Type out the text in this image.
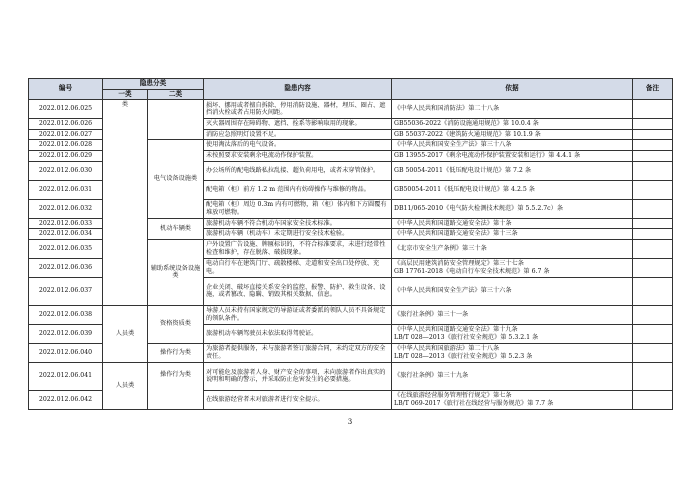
编号	隐患分类		隐患内容	依据	备注
	一类	二类			
2022.012.06.025	类		损坏、挪用或者擅自拆除、停用消防设施、器材，埋压、圈占、遮挡消火栓或者占用防火间距。	《中华人民共和国消防法》第二十八条	
2022.012.06.026			灭火器周围存在障碍物、遮挡、拴系等影响取用的现象。	GB55036-2022《消防设施通用规范》第 10.0.4 条	
2022.012.06.027			消防应急照明灯设置不足。	GB 55037-2022《建筑防火通用规范》第 10.1.9 条	
2022.012.06.028		电气设备设施类	使用淘汰落后的电气设备。	《中华人民共和国安全生产法》第三十八条	
2022.012.06.029			未按照要求安装剩余电流动作保护装置。	GB 13955-2017《剩余电流动作保护装置安装和运行》第 4.4.1 条	
2022.012.06.030			办公场所的配电线路私拉乱接、超负荷用电，或者未穿管保护。	GB 50054-2011《低压配电设计规范》第 7.2 条	
2022.012.06.031			配电箱（柜）前方 1.2 m 范围内有妨碍操作与维修的物品。	GB50054-2011《低压配电设计规范》第 4.2.5 条	
2022.012.06.032			配电箱（柜）周边 0.3m 内有可燃物，箱（柜）体内和下方圆覆有堆放可燃物。	DB11/065-2010《电气防火检测技术规范》第 5.5.2.7c）条	
2022.012.06.033		机动车辆类	旅游机动车辆不符合机动车国家安全技术标准。	《中华人民共和国道路交通安全法》第十条	
2022.012.06.034			旅游机动车辆（机动车）未定期进行安全技术检验。	《中华人民共和国道路交通安全法》第十三条	
2022.012.06.035		辅助系统设备设施类	户外设置广告设施、牌匾标识的，不符合标准要求，未进行经常性检查和维护，存在脱落、破损现象。	《北京市安全生产条例》第三十条	
2022.012.06.036			电动自行车在建筑门厅、疏散楼梯、走道和安全出口处停放、充电。	《高层民用建筑消防安全管理规定》第三十七条
GB 17761-2018《电动自行车安全技术规范》第 6.7 条	
2022.012.06.037			企业关闭、破坏直接关系安全的监控、报警、防护、救生设备、设施，或者篡改、隐瞒、销毁其相关数据、信息。	《中华人民共和国安全生产法》第三十六条	
2022.012.06.038	人员类	资格资质类	导游人员未持有国家规定的导游证或者委派的领队人员不具备规定的领队条件。	《旅行社条例》第三十一条	
2022.012.06.039			旅游机动车辆驾驶员未依法取得驾驶证。	《中华人民共和国道路交通安全法》第十九条
LB/T 028—2013《旅行社安全规范》第 5.3.2.1 条	
2022.012.06.040		操作行为类	为旅游者提供服务，未与旅游者签订旅游合同，未约定双方的安全责任。	《中华人民共和国旅游法》第二十八条
LB/T 028—2013《旅行社安全规范》第 5.2.3 条	
2022.012.06.041	人员类	操作行为类	对可能危及旅游者人身、财产安全的事项，未向旅游者作出真实的说明和明确的警示，并采取防止危害发生的必要措施。	《旅行社条例》第三十九条	
2022.012.06.042			在线旅游经营者未对旅游者进行安全提示。	《在线旅游经营服务管理暂行规定》第七条
LB/T 069-2017《旅行社在线经营与服务规范》第 7.7 条	
3
